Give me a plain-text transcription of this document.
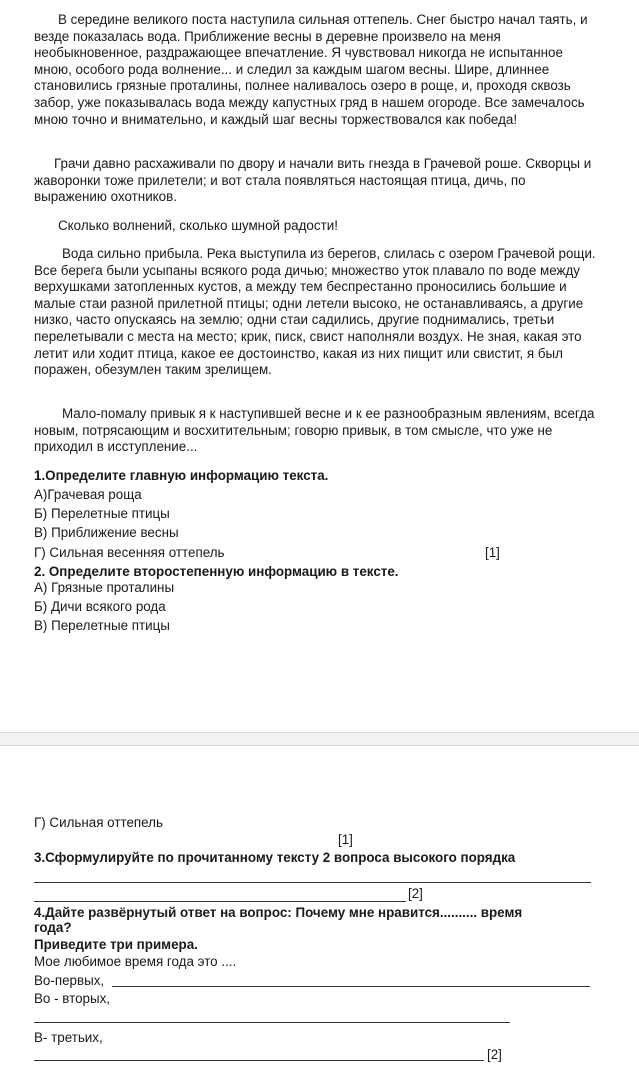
В середине великого поста наступила сильная оттепель. Снег быстро начал таять, и везде показалась вода. Приближение весны в деревне произвело на меня необыкновенное, раздражающее впечатление. Я чувствовал никогда не испытанное мною, особого рода волнение... и следил за каждым шагом весны. Шире, длиннее становились грязные проталины, полнее наливалось озеро в роще, и, проходя сквозь забор, уже показывалась вода между капустных гряд в нашем огороде. Все замечалось мною точно и внимательно, и каждый шаг весны торжествовался как победа!

Грачи давно расхаживали по двору и начали вить гнезда в Грачевой роше. Скворцы и жаворонки тоже прилетели; и вот стала появляться настоящая птица, дичь, по выражению охотников.

Сколько волнений, сколько шумной радости!

Вода сильно прибыла. Река выступила из берегов, слилась с озером Грачевой рощи. Все берега были усыпаны всякого рода дичью; множество уток плавало по воде между верхушками затопленных кустов, а между тем беспрестанно проносились большие и малые стаи разной прилетной птицы; одни летели высоко, не останавливаясь, а другие низко, часто опускаясь на землю; одни стаи садились, другие поднимались, третьи перелетывали с места на место; крик, писк, свист наполняли воздух. Не зная, какая это летит или ходит птица, какое ее достоинство, какая из них пищит или свистит, я был поражен, обезумлен таким зрелищем.

Мало-помалу привык я к наступившей весне и к ее разнообразным явлениям, всегда новым, потрясающим и восхитительным; говорю привык, в том смысле, что уже не приходил в исступление...

1.Определите главную информацию текста.
А)Грачевая роща
Б) Перелетные птицы
В) Приближение весны
Г) Сильная весенняя оттепель	[1]
2. Определите второстепенную информацию в тексте.
А) Грязные проталины
Б) Дичи всякого рода
В) Перелетные птицы
Г) Сильная оттепель
[1]
3.Сформулируйте по прочитанному тексту 2 вопроса высокого порядка
[2]
4.Дайте развёрнутый ответ на вопрос: Почему мне нравится.......... время
года?
Приведите три примера.
Мое любимое время года это ....
Во-первых,
Во - вторых,
В- третьих,
[2]
